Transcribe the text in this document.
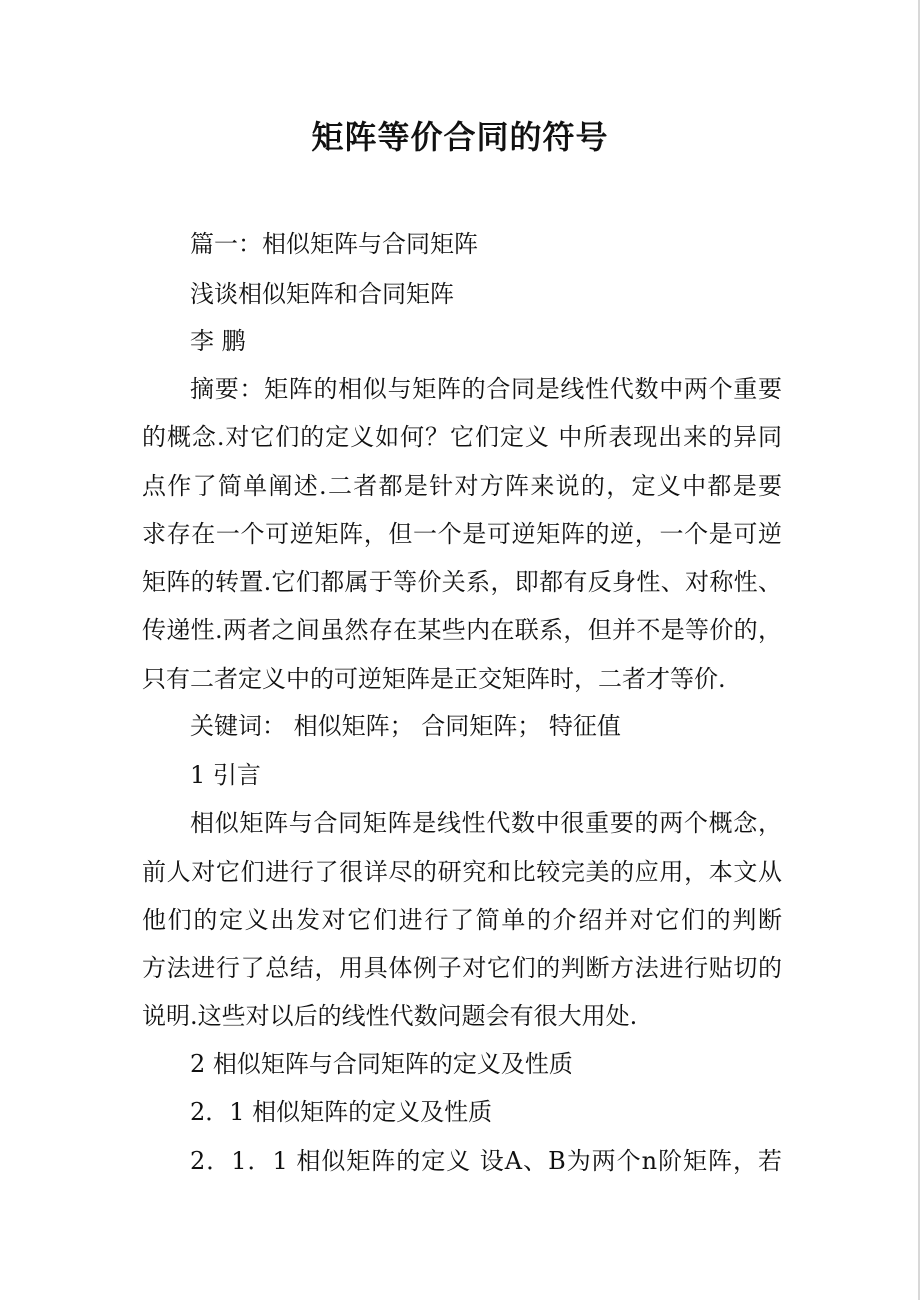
矩阵等价合同的符号
篇一：相似矩阵与合同矩阵
浅谈相似矩阵和合同矩阵
李 鹏
摘要：矩阵的相似与矩阵的合同是线性代数中两个重要
的概念.对它们的定义如何？它们定义 中所表现出来的异同
点作了简单阐述.二者都是针对方阵来说的，定义中都是要
求存在一个可逆矩阵，但一个是可逆矩阵的逆，一个是可逆
矩阵的转置.它们都属于等价关系，即都有反身性、对称性、
传递性.两者之间虽然存在某些内在联系，但并不是等价的，
只有二者定义中的可逆矩阵是正交矩阵时，二者才等价.
关键词： 相似矩阵； 合同矩阵； 特征值
1 引言
相似矩阵与合同矩阵是线性代数中很重要的两个概念，
前人对它们进行了很详尽的研究和比较完美的应用，本文从
他们的定义出发对它们进行了简单的介绍并对它们的判断
方法进行了总结，用具体例子对它们的判断方法进行贴切的
说明.这些对以后的线性代数问题会有很大用处.
2 相似矩阵与合同矩阵的定义及性质
2．1 相似矩阵的定义及性质
2．1．1 相似矩阵的定义 设A、B为两个n阶矩阵，若
